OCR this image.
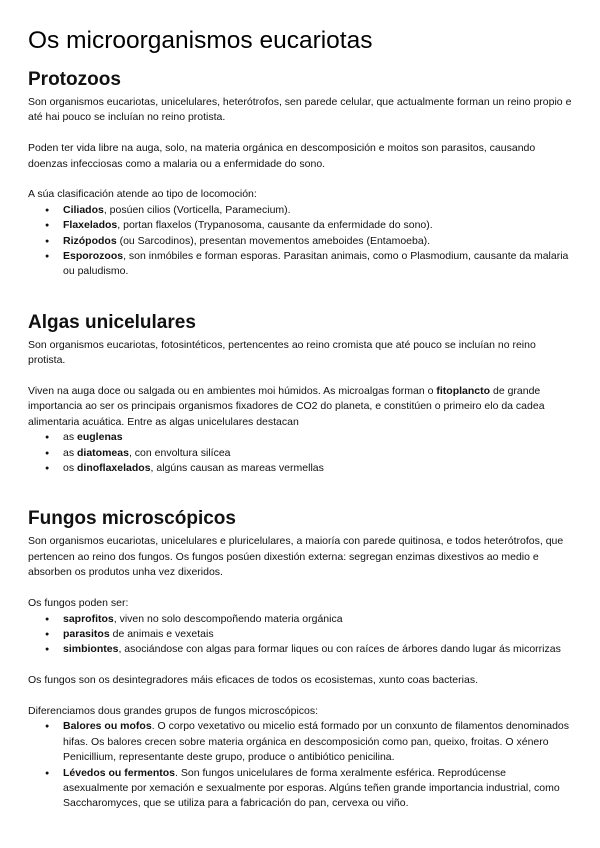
Os microorganismos eucariotas
Protozoos

Son organismos eucariotas, unicelulares, heterótrofos, sen parede celular, que actualmente forman un reino propio e até hai pouco se incluían no reino protista.

Poden ter vida libre na auga, solo, na materia orgánica en descomposición e moitos son parasitos, causando doenzas infecciosas como a malaria ou a enfermidade do sono.

A súa clasificación atende ao tipo de locomoción:

● Ciliados, posúen cilios (Vorticella, Paramecium).
● Flaxelados, portan flaxelos (Trypanosoma, causante da enfermidade do sono).
● Rizópodos (ou Sarcodinos), presentan movementos ameboides (Entamoeba).
● Esporozoos, son inmóbiles e forman esporas. Parasitan animais, como o Plasmodium, causante da malaria ou paludismo.
Algas unicelulares

Son organismos eucariotas, fotosintéticos, pertencentes ao reino cromista que até pouco se incluían no reino protista.

Viven na auga doce ou salgada ou en ambientes moi húmidos. As microalgas forman o fitoplancto de grande importancia ao ser os principais organismos fixadores de CO2 do planeta, e constitúen o primeiro elo da cadea alimentaria acuática. Entre as algas unicelulares destacan

● as euglenas
● as diatomeas, con envoltura silícea
● os dinoflaxelados, algúns causan as mareas vermellas
Fungos microscópicos

Son organismos eucariotas, unicelulares e pluricelulares, a maioría con parede quitinosa, e todos heterótrofos, que pertencen ao reino dos fungos. Os fungos posúen dixestión externa: segregan enzimas dixestivos ao medio e absorben os produtos unha vez dixeridos.

Os fungos poden ser:

● saprofitos, viven no solo descompoñendo materia orgánica
● parasitos de animais e vexetais
● simbiontes, asociándose con algas para formar liques ou con raíces de árbores dando lugar ás micorrizas

Os fungos son os desintegradores máis eficaces de todos os ecosistemas, xunto coas bacterias.

Diferenciamos dous grandes grupos de fungos microscópicos:

● Balores ou mofos. O corpo vexetativo ou micelio está formado por un conxunto de filamentos denominados hifas. Os balores crecen sobre materia orgánica en descomposición como pan, queixo, froitas. O xénero Penicillium, representante deste grupo, produce o antibiótico penicilina.
● Lévedos ou fermentos. Son fungos unicelulares de forma xeralmente esférica. Reprodúcense asexualmente por xemación e sexualmente por esporas. Algúns teñen grande importancia industrial, como Saccharomyces, que se utiliza para a fabricación do pan, cervexa ou viño.
